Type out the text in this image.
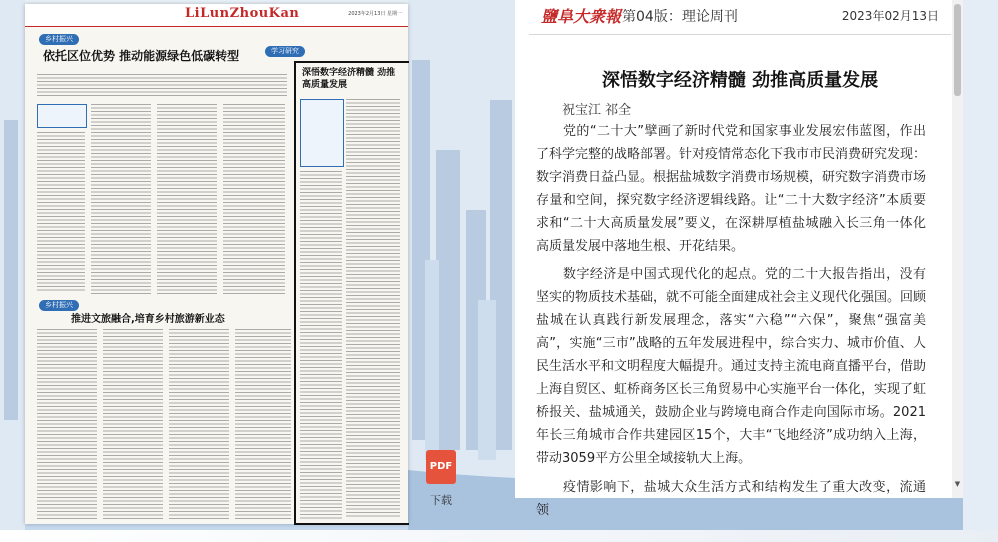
LiLunZhouKan	2023年2月13日 星期一
乡村振兴
依托区位优势 推动能源绿色低碳转型	学习研究
深悟数字经济精髓 劲推高质量发展
乡村振兴
推进文旅融合,培育乡村旅游新业态
鹽阜大衆報 第04版：理论周刊	2023年02月13日
深悟数字经济精髓 劲推高质量发展
祝宝江 祁全

党的“二十大”擘画了新时代党和国家事业发展宏伟蓝图，作出了科学完整的战略部署。针对疫情常态化下我市市民消费研究发现：数字消费日益凸显。根据盐城数字消费市场规模，研究数字消费市场存量和空间，探究数字经济逻辑线路。让“二十大数字经济”本质要求和“二十大高质量发展”要义，在深耕厚植盐城融入长三角一体化高质量发展中落地生根、开花结果。

数字经济是中国式现代化的起点。党的二十大报告指出，没有坚实的物质技术基础，就不可能全面建成社会主义现代化强国。回顾盐城在认真践行新发展理念，落实“六稳”“六保”，聚焦“强富美高”，实施“三市”战略的五年发展进程中，综合实力、城市价值、人民生活水平和文明程度大幅提升。通过支持主流电商直播平台，借助上海自贸区、虹桥商务区长三角贸易中心实施平台一体化，实现了虹桥报关、盐城通关，鼓励企业与跨境电商合作走向国际市场。2021年长三角城市合作共建园区15个，大丰“飞地经济”成功纳入上海，带动3059平方公里全域接轨大上海。

疫情影响下，盐城大众生活方式和结构发生了重大改变，流通领

▼
PDF
下载
